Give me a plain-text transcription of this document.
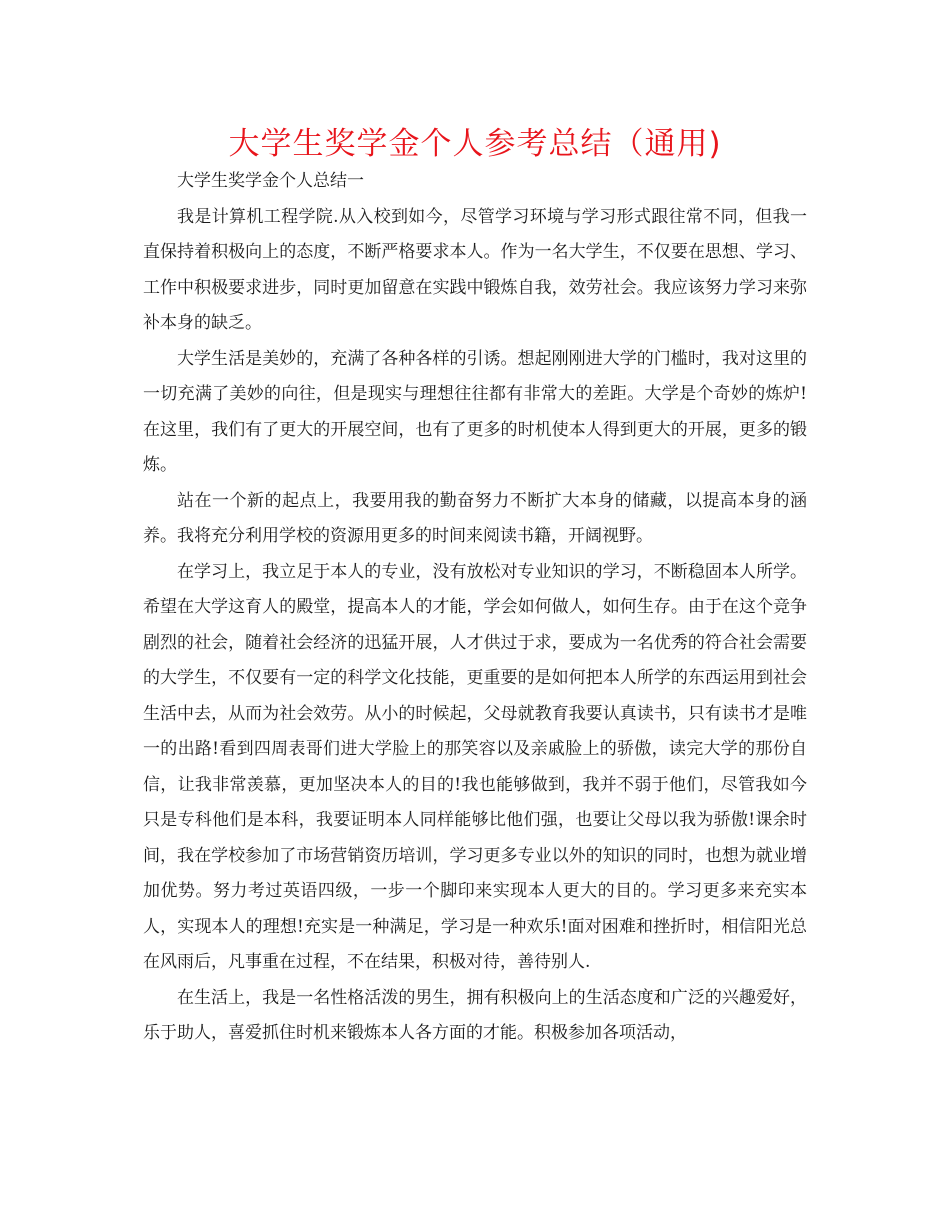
大学生奖学金个人参考总结（通用)

大学生奖学金个人总结一

我是计算机工程学院.从入校到如今，尽管学习环境与学习形式跟往常不同，但我一直保持着积极向上的态度，不断严格要求本人。作为一名大学生，不仅要在思想、学习、工作中积极要求进步，同时更加留意在实践中锻炼自我，效劳社会。我应该努力学习来弥补本身的缺乏。

大学生活是美妙的，充满了各种各样的引诱。想起刚刚进大学的门槛时，我对这里的一切充满了美妙的向往，但是现实与理想往往都有非常大的差距。大学是个奇妙的炼炉!在这里，我们有了更大的开展空间，也有了更多的时机使本人得到更大的开展，更多的锻炼。

站在一个新的起点上，我要用我的勤奋努力不断扩大本身的储藏，以提高本身的涵养。我将充分利用学校的资源用更多的时间来阅读书籍，开阔视野。

在学习上，我立足于本人的专业，没有放松对专业知识的学习，不断稳固本人所学。希望在大学这育人的殿堂，提高本人的才能，学会如何做人，如何生存。由于在这个竞争剧烈的社会，随着社会经济的迅猛开展，人才供过于求，要成为一名优秀的符合社会需要的大学生，不仅要有一定的科学文化技能，更重要的是如何把本人所学的东西运用到社会生活中去，从而为社会效劳。从小的时候起，父母就教育我要认真读书，只有读书才是唯一的出路!看到四周表哥们进大学脸上的那笑容以及亲戚脸上的骄傲，读完大学的那份自信，让我非常羡慕，更加坚决本人的目的!我也能够做到，我并不弱于他们，尽管我如今只是专科他们是本科，我要证明本人同样能够比他们强，也要让父母以我为骄傲!课余时间，我在学校参加了市场营销资历培训，学习更多专业以外的知识的同时，也想为就业增加优势。努力考过英语四级，一步一个脚印来实现本人更大的目的。学习更多来充实本人，实现本人的理想!充实是一种满足，学习是一种欢乐!面对困难和挫折时，相信阳光总在风雨后，凡事重在过程，不在结果，积极对待，善待别人.

在生活上，我是一名性格活泼的男生，拥有积极向上的生活态度和广泛的兴趣爱好，乐于助人，喜爱抓住时机来锻炼本人各方面的才能。积极参加各项活动，
